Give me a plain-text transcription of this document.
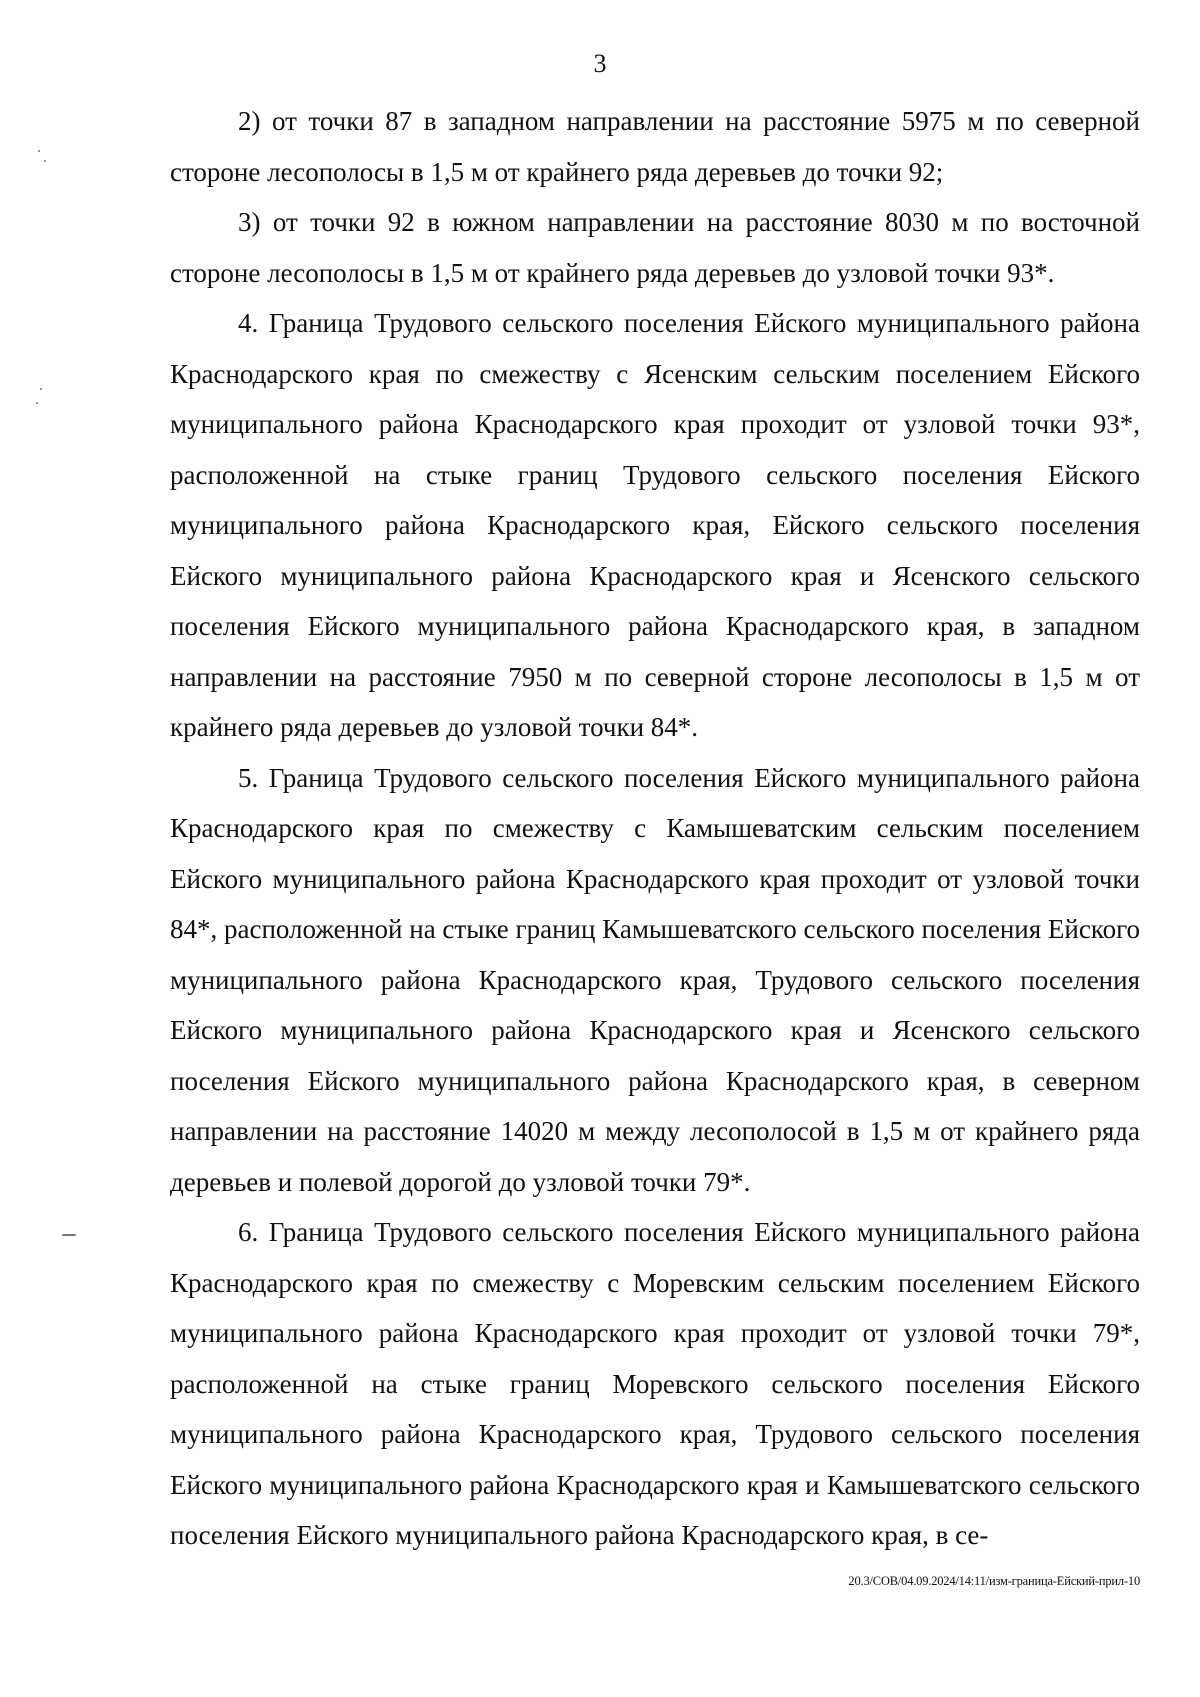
3

2) от точки 87 в западном направлении на расстояние 5975 м по северной стороне лесополосы в 1,5 м от крайнего ряда деревьев до точки 92;

3) от точки 92 в южном направлении на расстояние 8030 м по восточной стороне лесополосы в 1,5 м от крайнего ряда деревьев до узловой точки 93*.

4. Граница Трудового сельского поселения Ейского муниципального района Краснодарского края по смежеству с Ясенским сельским поселением Ейского муниципального района Краснодарского края проходит от узловой точки 93*, расположенной на стыке границ Трудового сельского поселения Ейского муниципального района Краснодарского края, Ейского сельского поселения Ейского муниципального района Краснодарского края и Ясенского сельского поселения Ейского муниципального района Краснодарского края, в западном направлении на расстояние 7950 м по северной стороне лесополосы в 1,5 м от крайнего ряда деревьев до узловой точки 84*.

5. Граница Трудового сельского поселения Ейского муниципального района Краснодарского края по смежеству с Камышеватским сельским поселением Ейского муниципального района Краснодарского края проходит от узловой точки 84*, расположенной на стыке границ Камышеватского сельского поселения Ейского муниципального района Краснодарского края, Трудового сельского поселения Ейского муниципального района Краснодарского края и Ясенского сельского поселения Ейского муниципального района Краснодарского края, в северном направлении на расстояние 14020 м между лесополосой в 1,5 м от крайнего ряда деревьев и полевой дорогой до узловой точки 79*.

6. Граница Трудового сельского поселения Ейского муниципального района Краснодарского края по смежеству с Моревским сельским поселением Ейского муниципального района Краснодарского края проходит от узловой точки 79*, расположенной на стыке границ Моревского сельского поселения Ейского муниципального района Краснодарского края, Трудового сельского поселения Ейского муниципального района Краснодарского края и Камышеватского сельского поселения Ейского муниципального района Краснодарского края, в се-

20.3/СОВ/04.09.2024/14:11/изм-граница-Ейский-прил-10
